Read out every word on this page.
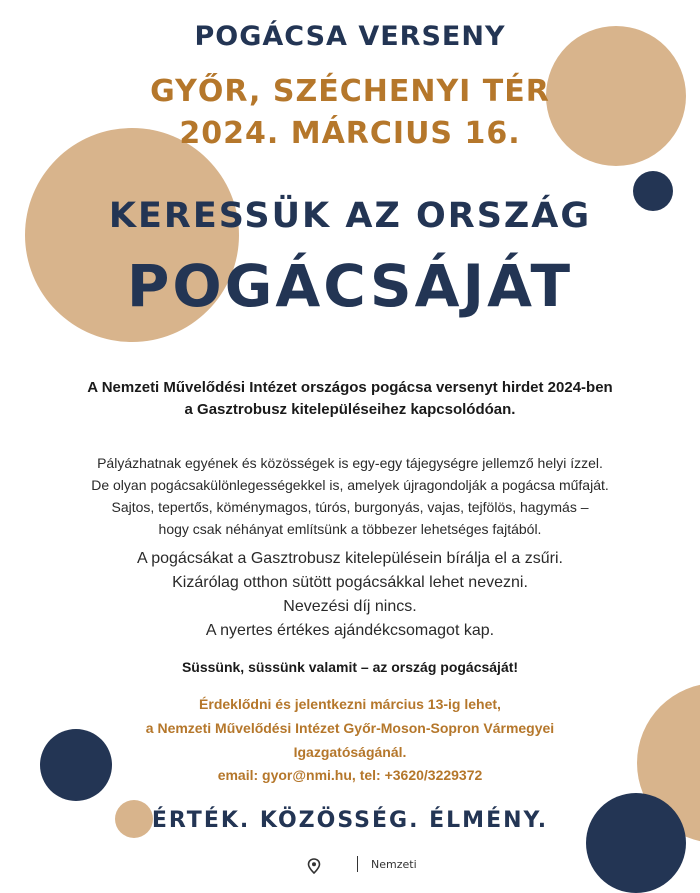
POGÁCSA VERSENY
GYŐR, SZÉCHENYI TÉR
2024. MÁRCIUS 16.
KERESSÜK AZ ORSZÁG
POGÁCSÁJÁT

A Nemzeti Művelődési Intézet országos pogácsa versenyt hirdet 2024-ben

a Gasztrobusz kitelepüléseihez kapcsolódóan.

Pályázhatnak egyének és közösségek is egy-egy tájegységre jellemző helyi ízzel.

De olyan pogácsakülönlegességekkel is, amelyek újragondolják a pogácsa műfaját.

Sajtos, tepertős, köménymagos, túrós, burgonyás, vajas, tejfölös, hagymás –

hogy csak néhányat említsünk a többezer lehetséges fajtából.

A pogácsákat a Gasztrobusz kitelepülésein bírálja el a zsűri.

Kizárólag otthon sütött pogácsákkal lehet nevezni.

Nevezési díj nincs.

A nyertes értékes ajándékcsomagot kap.

Süssünk, süssünk valamit – az ország pogácsáját!

Érdeklődni és jelentkezni március 13-ig lehet,

a Nemzeti Művelődési Intézet Győr-Moson-Sopron Vármegyei

Igazgatóságánál.

email: gyor@nmi.hu, tel: +3620/3229372

ÉRTÉK. KÖZÖSSÉG. ÉLMÉNY.
Nemzeti
